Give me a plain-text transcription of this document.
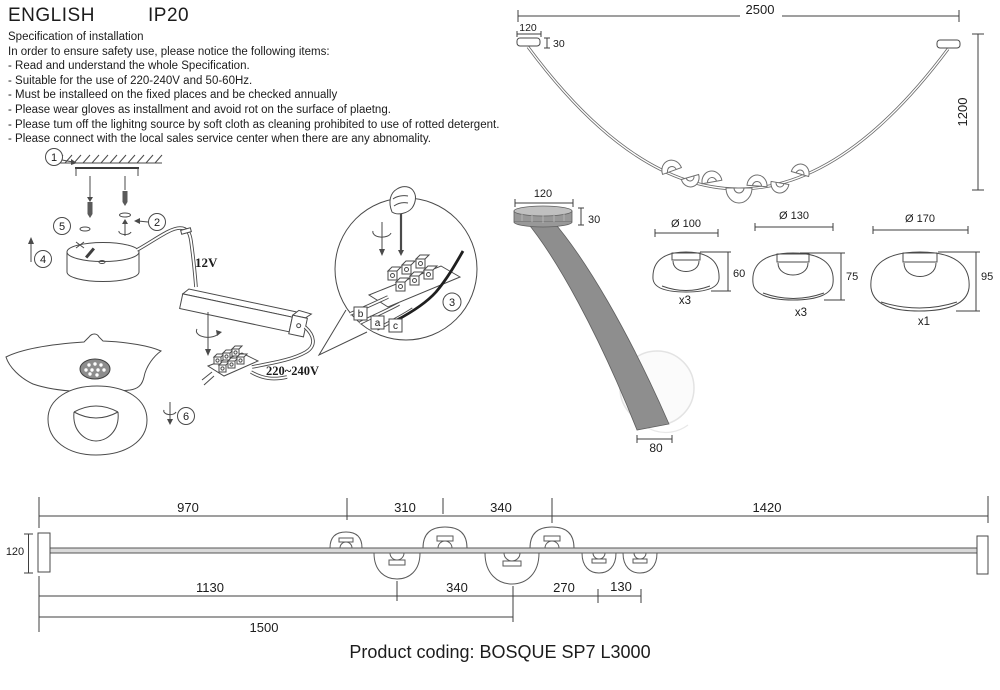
1
2
5
4	12V
220~240V
b
a c
3
6
2500
120
30
1200
120
30
80
Ø 100
60
x3
Ø 130
75
x3
Ø 170
95
x1
970	310	340	1420
120
1130	340	270	130
1500
ENGLISH	IP20
Specification of installation
In order to ensure safety use, please notice the following items:
- Read and understand the whole Specification.
- Suitable for the use of 220-240V and 50-60Hz.
- Must be installeed on the fixed places and be checked annually
- Please wear gloves as installment and avoid rot on the surface of plaetng.
- Please tum off the lighitng source by soft cloth as cleaning prohibited to use of rotted detergent.
- Please connect with the local sales service center when there are any abnomality.
Product coding: BOSQUE SP7 L3000
